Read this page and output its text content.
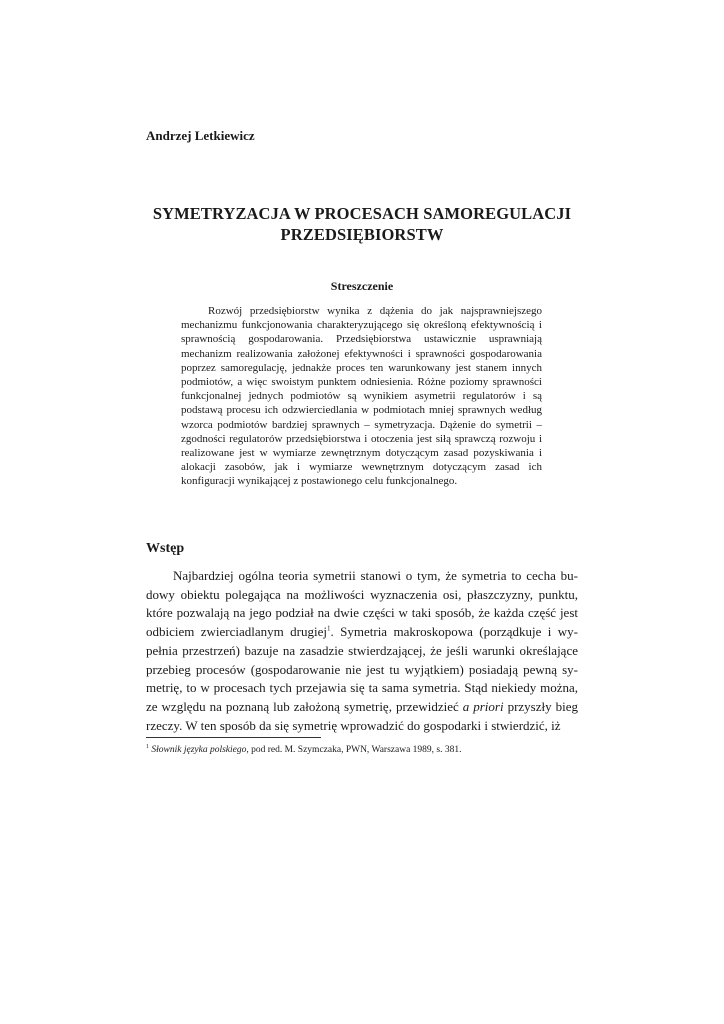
Andrzej Letkiewicz
SYMETRYZACJA W PROCESACH SAMOREGULACJI
PRZEDSIĘBIORSTW
Streszczenie
Rozwój przedsiębiorstw wynika z dążenia do jak najsprawniejszego mechanizmu funkcjonowania charakteryzującego się określoną efektywnością i sprawnością gospodarowania. Przedsiębiorstwa ustawicznie usprawniają mechanizm realizowania założonej efektywności i sprawności gospodarowania poprzez samoregulację, jednakże proces ten warunkowany jest stanem innych podmiotów, a więc swoistym punktem odniesienia. Różne poziomy sprawności funkcjonalnej jednych podmiotów są wynikiem asymetrii regulatorów i są podstawą procesu ich odzwierciedlania w podmiotach mniej sprawnych według wzorca podmiotów bardziej sprawnych – symetryzacja. Dążenie do symetrii – zgodności regulatorów przedsiębiorstwa i otoczenia jest siłą sprawczą rozwoju i realizowane jest w wymiarze zewnętrznym dotyczącym zasad pozyskiwania i alokacji zasobów, jak i wymiarze wewnętrznym dotyczącym zasad ich konfiguracji wynikającej z postawionego celu funkcjonalnego.
Wstęp
Najbardziej ogólna teoria symetrii stanowi o tym, że symetria to cecha budowy obiektu polegająca na możliwości wyznaczenia osi, płaszczyzny, punktu, które pozwalają na jego podział na dwie części w taki sposób, że każda część jest odbiciem zwierciadlanym drugiej$^1$. Symetria makroskopowa (porządkuje i wypełnia przestrzeń) bazuje na zasadzie stwierdzającej, że jeśli warunki określające przebieg procesów (gospodarowanie nie jest tu wyjątkiem) posiadają pewną symetrię, to w procesach tych przejawia się ta sama symetria. Stąd niekiedy można, ze względu na poznaną lub założoną symetrię, przewidzieć a priori przyszły bieg rzeczy. W ten sposób da się symetrię wprowadzić do gospodarki i stwierdzić, iż
$^1$ Słownik języka polskiego, pod red. M. Szymczaka, PWN, Warszawa 1989, s. 381.
